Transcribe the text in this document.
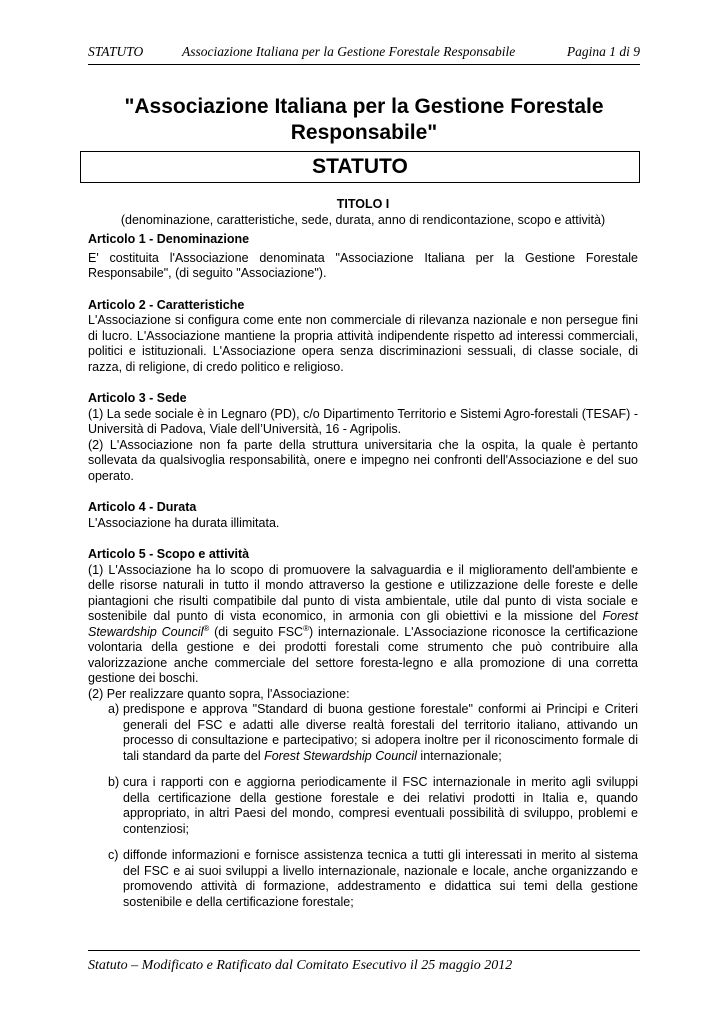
STATUTO	Associazione Italiana per la Gestione Forestale Responsabile	Pagina 1 di 9
"Associazione Italiana per la Gestione Forestale
Responsabile"
STATUTO

TITOLO I

(denominazione, caratteristiche, sede, durata, anno di rendicontazione, scopo e attività)

Articolo 1 - Denominazione

E' costituita l'Associazione denominata "Associazione Italiana per la Gestione Forestale Responsabile", (di seguito "Associazione").

Articolo 2 - Caratteristiche

L'Associazione si configura come ente non commerciale di rilevanza nazionale e non persegue fini di lucro. L'Associazione mantiene la propria attività indipendente rispetto ad interessi commerciali, politici e istituzionali. L'Associazione opera senza discriminazioni sessuali, di classe sociale, di razza, di religione, di credo politico e religioso.

Articolo 3 - Sede

(1) La sede sociale è in Legnaro (PD), c/o Dipartimento Territorio e Sistemi Agro-forestali (TESAF) - Università di Padova, Viale dell’Università, 16 - Agripolis.

(2) L'Associazione non fa parte della struttura universitaria che la ospita, la quale è pertanto sollevata da qualsivoglia responsabilità, onere e impegno nei confronti dell'Associazione e del suo operato.

Articolo 4 - Durata

L'Associazione ha durata illimitata.

Articolo 5 - Scopo e attività

(1) L'Associazione ha lo scopo di promuovere la salvaguardia e il miglioramento dell'ambiente e delle risorse naturali in tutto il mondo attraverso la gestione e utilizzazione delle foreste e delle piantagioni che risulti compatibile dal punto di vista ambientale, utile dal punto di vista sociale e sostenibile dal punto di vista economico, in armonia con gli obiettivi e la missione del Forest Stewardship Council® (di seguito FSC®) internazionale. L'Associazione riconosce la certificazione volontaria della gestione e dei prodotti forestali come strumento che può contribuire alla valorizzazione anche commerciale del settore foresta-legno e alla promozione di una corretta gestione dei boschi.

(2) Per realizzare quanto sopra, l'Associazione:

a) predispone e approva "Standard di buona gestione forestale" conformi ai Principi e Criteri generali del FSC e adatti alle diverse realtà forestali del territorio italiano, attivando un processo di consultazione e partecipativo; si adopera inoltre per il riconoscimento formale di tali standard da parte del Forest Stewardship Council internazionale;
b) cura i rapporti con e aggiorna periodicamente il FSC internazionale in merito agli sviluppi della certificazione della gestione forestale e dei relativi prodotti in Italia e, quando appropriato, in altri Paesi del mondo, compresi eventuali possibilità di sviluppo, problemi e contenziosi;
c) diffonde informazioni e fornisce assistenza tecnica a tutti gli interessati in merito al sistema del FSC e ai suoi sviluppi a livello internazionale, nazionale e locale, anche organizzando e promovendo attività di formazione, addestramento e didattica sui temi della gestione sostenibile e della certificazione forestale;
Statuto – Modificato e Ratificato dal Comitato Esecutivo il 25 maggio 2012
